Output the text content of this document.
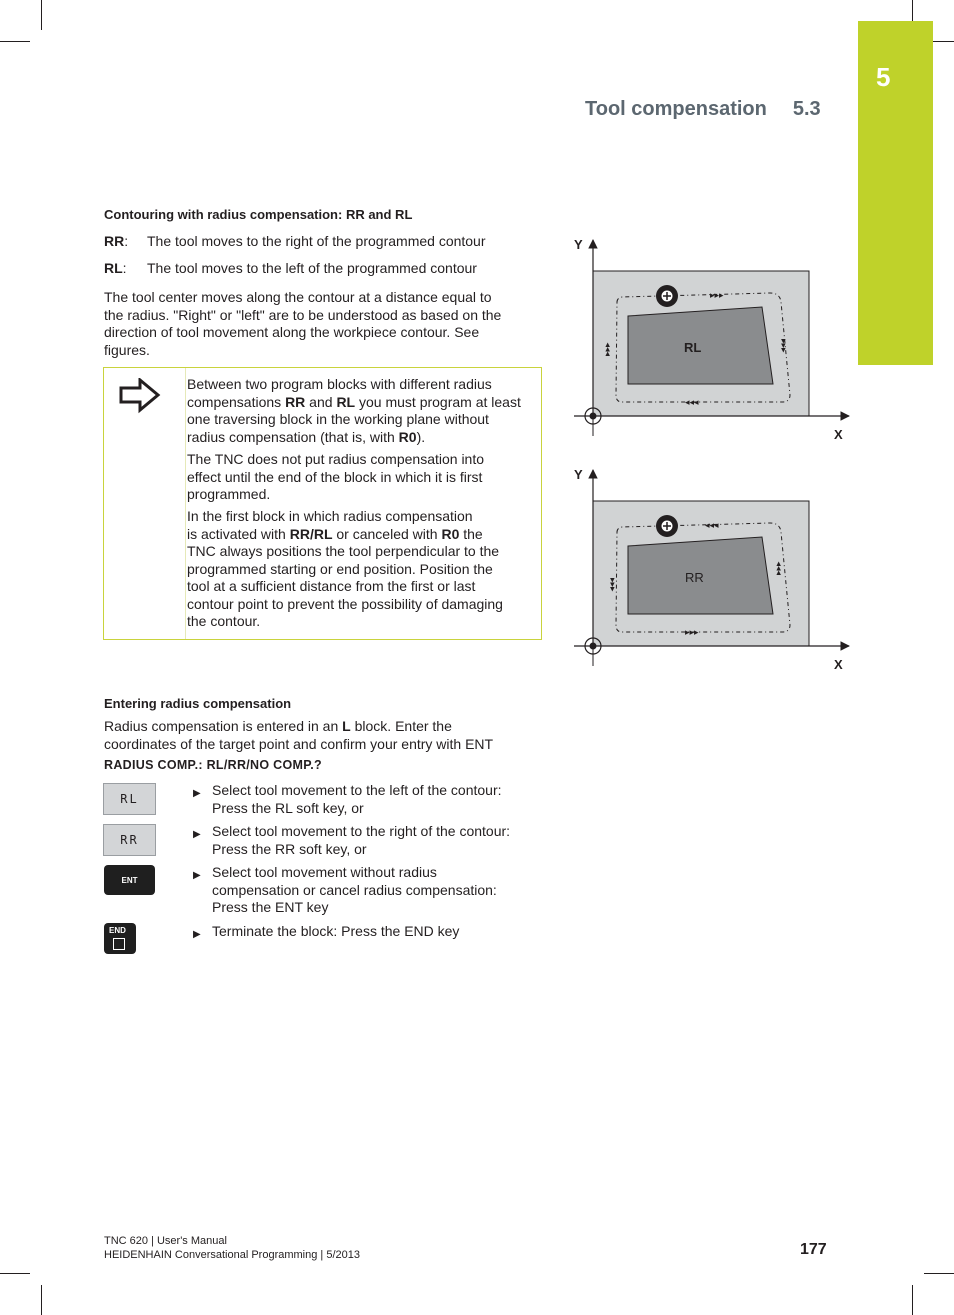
5
Tool compensation 5.3
Contouring with radius compensation: RR and RL
RR: The tool moves to the right of the programmed contour
RL: The tool moves to the left of the programmed contour
The tool center moves along the contour at a distance equal to
the radius. "Right" or "left" are to be understood as based on the
direction of tool movement along the workpiece contour. See
figures.
Between two program blocks with different radius
compensations RR and RL you must program at least
one traversing block in the working plane without
radius compensation (that is, with R0).
The TNC does not put radius compensation into
effect until the end of the block in which it is first
programmed.
In the first block in which radius compensation
is activated with RR/RL or canceled with R0 the
TNC always positions the tool perpendicular to the
programmed starting or end position. Position the
tool at a sufficient distance from the first or last
contour point to prevent the possibility of damaging
the contour.
▸▸▸
◂◂◂
▸▸▸
▸▸▸	RL
Y
X
◂◂◂
▸▸▸
▸▸▸
▸▸▸	RR
Y
X
Entering radius compensation
Radius compensation is entered in an L block. Enter the
coordinates of the target point and confirm your entry with ENT
RADIUS COMP.: RL/RR/NO COMP.?
RL	▶ Select tool movement to the left of the contour:
Press the RL soft key, or
RR	▶ Select tool movement to the right of the contour:
Press the RR soft key, or
ENT	▶ Select tool movement without radius
compensation or cancel radius compensation:
Press the ENT key
END	▶ Terminate the block: Press the END key
TNC 620 | User's Manual
HEIDENHAIN Conversational Programming | 5/2013	177
